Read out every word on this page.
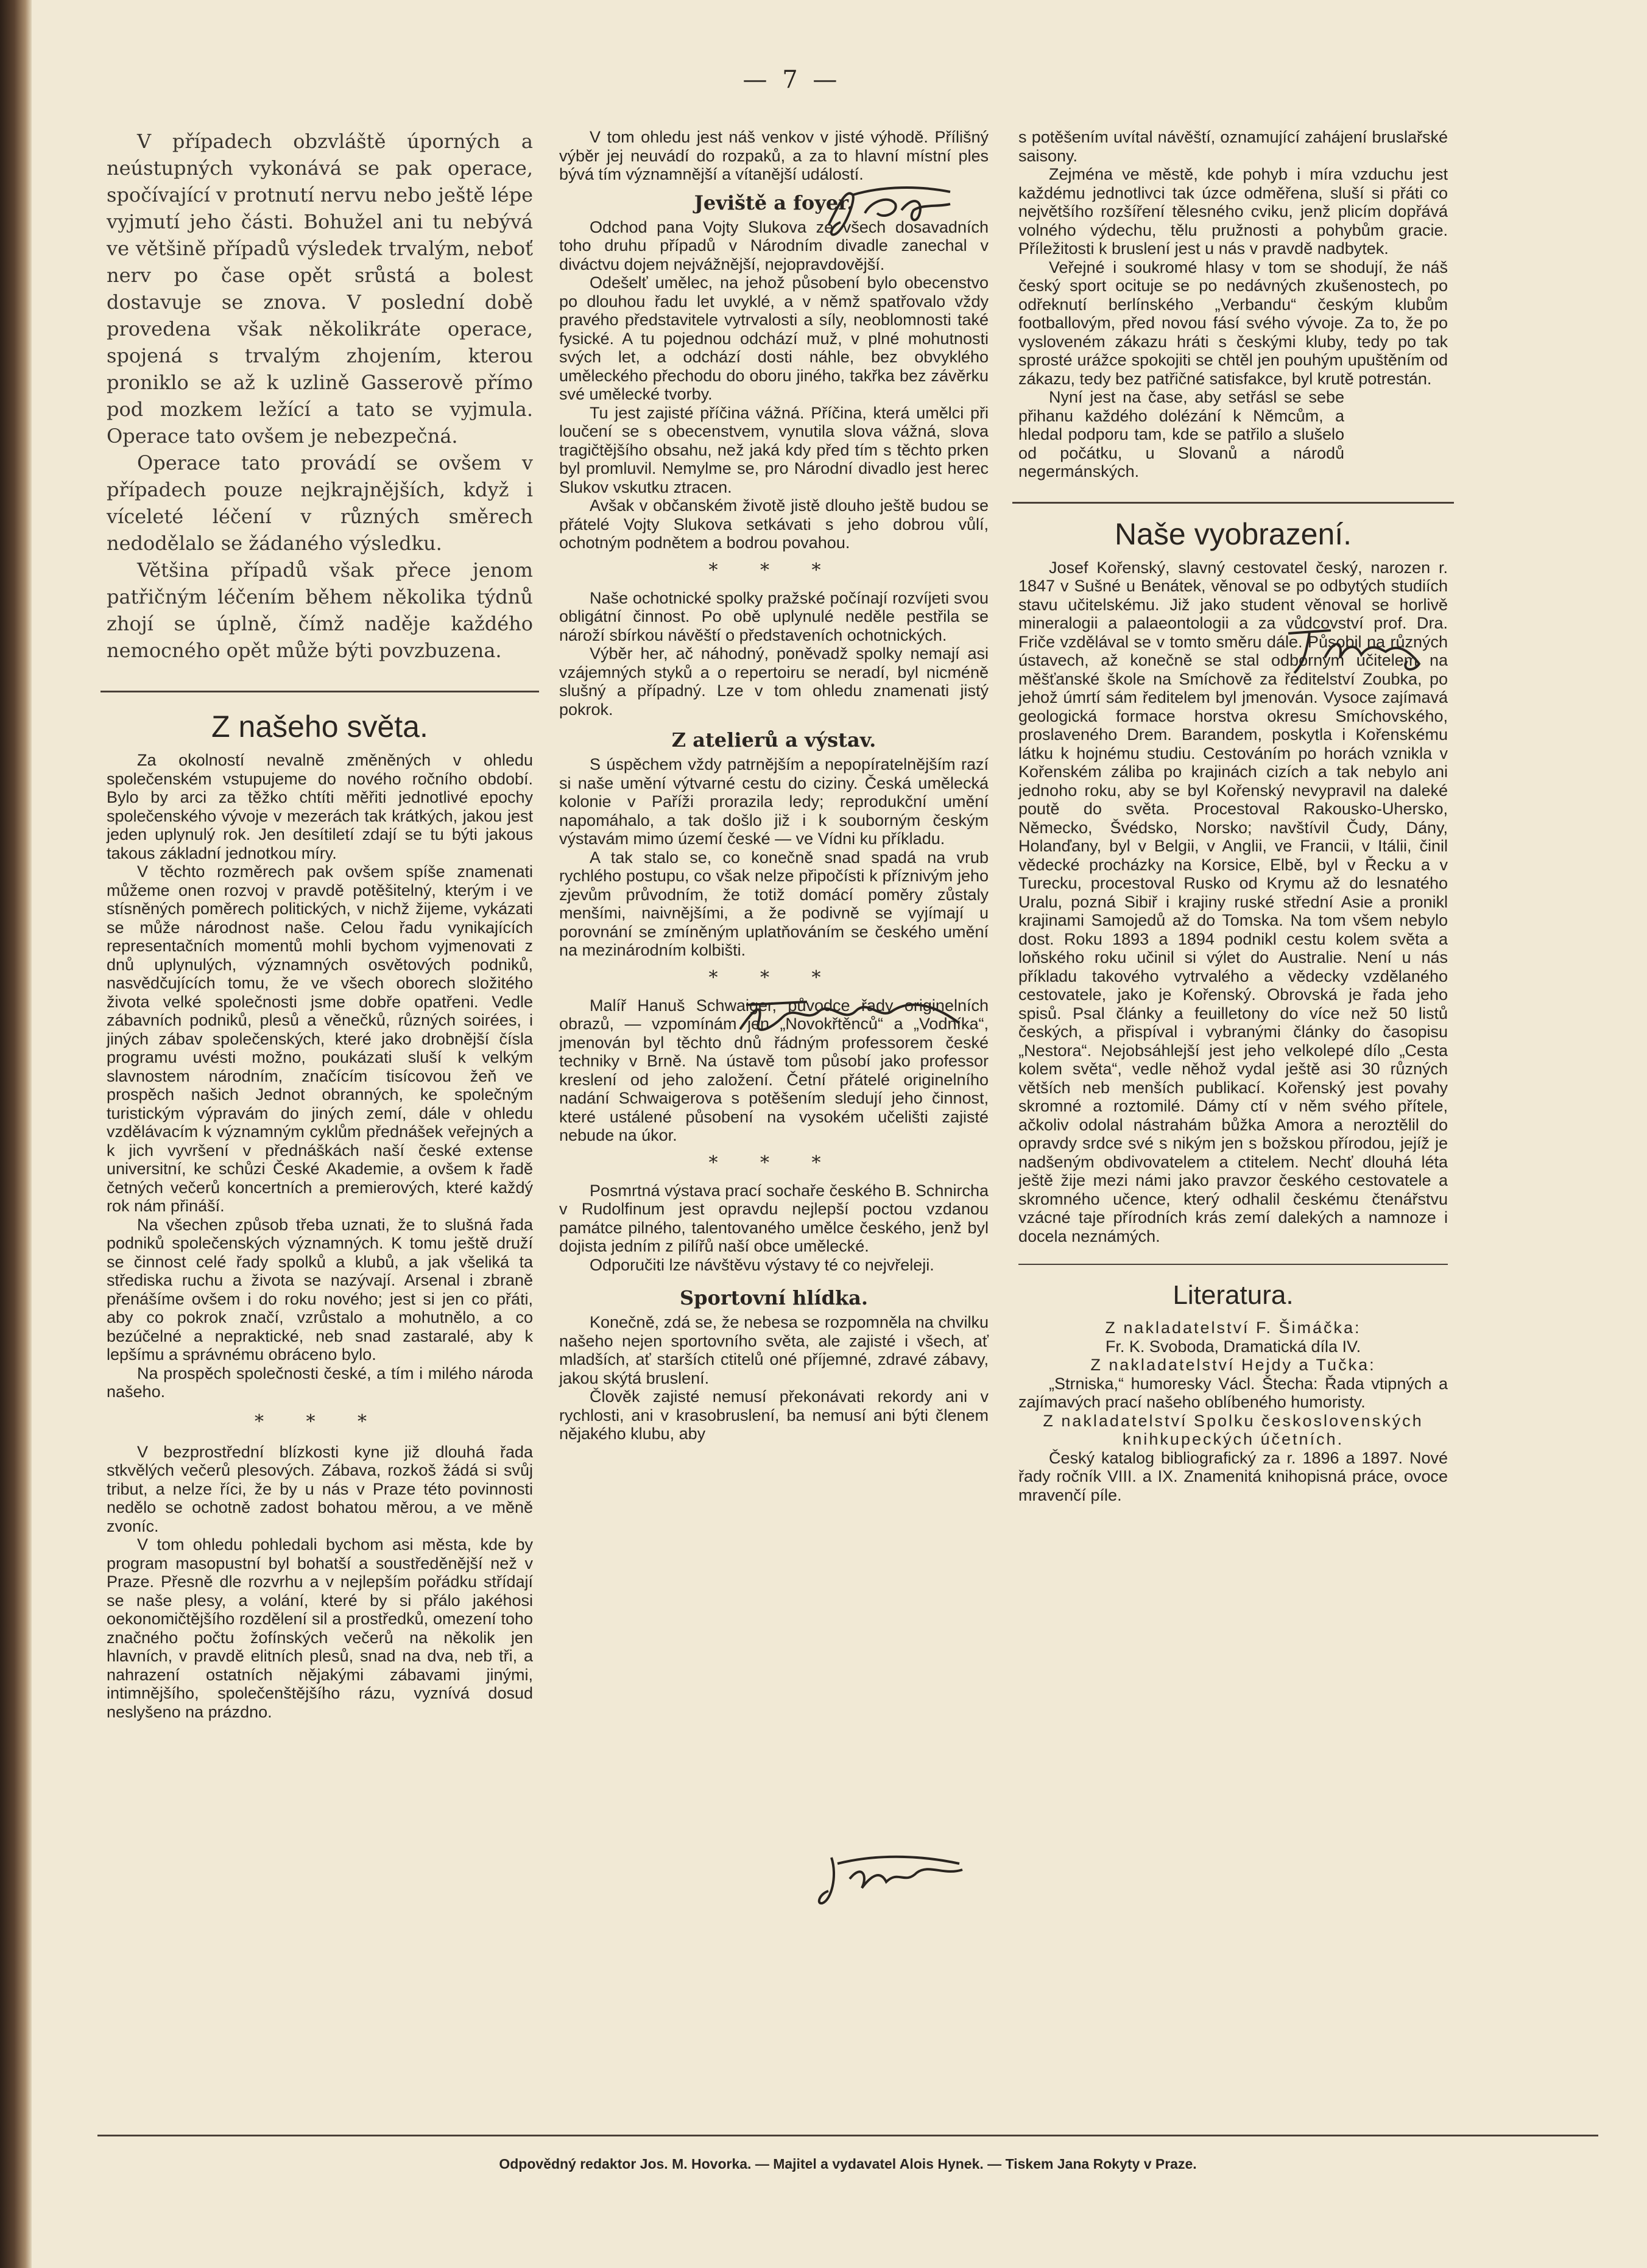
— 7 —

V případech obzvláště úporných a neústupných vykonává se pak operace, spočívající v protnutí nervu nebo ještě lépe vyjmutí jeho části. Bohužel ani tu nebývá ve většině případů výsledek trvalým, neboť nerv po čase opět srůstá a bolest dostavuje se znova. V poslední době provedena však několikráte operace, spojená s trvalým zhojením, kterou proniklo se až k uzlině Gasserově přímo pod mozkem ležící a tato se vyjmula. Operace tato ovšem je nebezpečná.

Operace tato provádí se ovšem v případech pouze nejkrajnějších, když i víceleté léčení v různých směrech nedodělalo se žádaného výsledku.

Většina případů však přece jenom patřičným léčením během několika týdnů zhojí se úplně, čímž naděje každého nemocného opět může býti povzbuzena.

Z našeho světa.

Za okolností nevalně změněných v ohledu společenském vstupujeme do nového ročního období. Bylo by arci za těžko chtíti měřiti jednotlivé epochy společenského vývoje v mezerách tak krátkých, jakou jest jeden uplynulý rok. Jen desítiletí zdají se tu býti jakous takous základní jednotkou míry.

V těchto rozměrech pak ovšem spíše znamenati můžeme onen rozvoj v pravdě potěšitelný, kterým i ve stísněných poměrech politických, v nichž žijeme, vykázati se může národnost naše. Celou řadu vynikajících representačních momentů mohli bychom vyjmenovati z dnů uplynulých, významných osvětových podniků, nasvědčujících tomu, že ve všech oborech složitého života velké společnosti jsme dobře opatřeni. Vedle zábavních podniků, plesů a věnečků, různých soirées, i jiných zábav společenských, které jako drobnější čísla programu uvésti možno, poukázati sluší k velkým slavnostem národním, značícím tisícovou žeň ve prospěch našich Jednot obranných, ke společným turistickým výpravám do jiných zemí, dále v ohledu vzdělávacím k významným cyklům přednášek veřejných a k jich vyvršení v přednáškách naší české extense universitní, ke schůzi České Akademie, a ovšem k řadě četných večerů koncertních a premierových, které každý rok nám přináší.

Na všechen způsob třeba uznati, že to slušná řada podniků společenských významných. K tomu ještě druží se činnost celé řady spolků a klubů, a jak všeliká ta střediska ruchu a života se nazývají. Arsenal i zbraně přenášíme ovšem i do roku nového; jest si jen co přáti, aby co pokrok značí, vzrůstalo a mohutnělo, a co bezúčelné a nepraktické, neb snad zastaralé, aby k lepšímu a správnému obráceno bylo.

Na prospěch společnosti české, a tím i milého národa našeho.

* * *

V bezprostřední blízkosti kyne již dlouhá řada stkvělých večerů plesových. Zábava, rozkoš žádá si svůj tribut, a nelze říci, že by u nás v Praze této povinnosti nedělo se ochotně zadost bohatou měrou, a ve měně zvoníc.

V tom ohledu pohledali bychom asi města, kde by program masopustní byl bohatší a soustředěnější než v Praze. Přesně dle rozvrhu a v nejlepším pořádku střídají se naše plesy, a volání, které by si přálo jakéhosi oekonomičtějšího rozdělení sil a prostředků, omezení toho značného počtu žofínských večerů na několik jen hlavních, v pravdě elitních plesů, snad na dva, neb tři, a nahrazení ostatních nějakými zábavami jinými, intimnějšího, společenštějšího rázu, vyznívá dosud neslyšeno na prázdno.

V tom ohledu jest náš venkov v jisté výhodě. Přílišný výběr jej neuvádí do rozpaků, a za to hlavní místní ples bývá tím významnější a vítanější událostí.

Jeviště a foyer.

Odchod pana Vojty Slukova ze všech dosavadních toho druhu případů v Národním divadle zanechal v diváctvu dojem nejvážnější, nejopravdovější.

Odešelť umělec, na jehož působení bylo obecenstvo po dlouhou řadu let uvyklé, a v němž spatřovalo vždy pravého představitele vytrvalosti a síly, neoblomnosti také fysické. A tu pojednou odchází muž, v plné mohutnosti svých let, a odchází dosti náhle, bez obvyklého uměleckého přechodu do oboru jiného, takřka bez závěrku své umělecké tvorby.

Tu jest zajisté příčina vážná. Příčina, která umělci při loučení se s obecenstvem, vynutila slova vážná, slova tragičtějšího obsahu, než jaká kdy před tím s těchto prken byl promluvil. Nemylme se, pro Národní divadlo jest herec Slukov vskutku ztracen.

Avšak v občanském životě jistě dlouho ještě budou se přátelé Vojty Slukova setkávati s jeho dobrou vůlí, ochotným podnětem a bodrou povahou.

* * *

Naše ochotnické spolky pražské počínají rozvíjeti svou obligátní činnost. Po obě uplynulé neděle pestřila se nároží sbírkou návěští o představeních ochotnických.

Výběr her, ač náhodný, poněvadž spolky nemají asi vzájemných styků a o repertoiru se neradí, byl nicméně slušný a případný. Lze v tom ohledu znamenati jistý pokrok.

Z atelierů a výstav.

S úspěchem vždy patrnějším a nepopíratelnějším razí si naše umění výtvarné cestu do ciziny. Česká umělecká kolonie v Paříži prorazila ledy; reprodukční umění napomáhalo, a tak došlo již i k souborným českým výstavám mimo území české — ve Vídni ku příkladu.

A tak stalo se, co konečně snad spadá na vrub rychlého postupu, co však nelze připočísti k příznivým jeho zjevům průvodním, že totiž domácí poměry zůstaly menšími, naivnějšími, a že podivně se vyjímají u porovnání se zmíněným uplatňováním se českého umění na mezinárodním kolbišti.

* * *

Malíř Hanuš Schwaiger, původce řady originelních obrazů, — vzpomínám jen „Novokřtěnců“ a „Vodníka“, jmenován byl těchto dnů řádným professorem české techniky v Brně. Na ústavě tom působí jako professor kreslení od jeho založení. Četní přátelé originelního nadání Schwaigerova s potěšením sledují jeho činnost, které ustálené působení na vysokém učelišti zajisté nebude na úkor.

* * *

Posmrtná výstava prací sochaře českého B. Schnircha v Rudolfinum jest opravdu nejlepší poctou vzdanou památce pilného, talentovaného umělce českého, jenž byl dojista jedním z pilířů naší obce umělecké.

Odporučiti lze návštěvu výstavy té co nejvřeleji.

Sportovní hlídka.

Konečně, zdá se, že nebesa se rozpomněla na chvilku našeho nejen sportovního světa, ale zajisté i všech, ať mladších, ať starších ctitelů oné příjemné, zdravé zábavy, jakou skýtá bruslení.

Člověk zajisté nemusí překonávati rekordy ani v rychlosti, ani v krasobruslení, ba nemusí ani býti členem nějakého klubu, aby

s potěšením uvítal návěští, oznamující zahájení bruslařské saisony.

Zejména ve městě, kde pohyb i míra vzduchu jest každému jednotlivci tak úzce odměřena, sluší si přáti co největšího rozšíření tělesného cviku, jenž plicím dopřává volného výdechu, tělu pružnosti a pohybům gracie. Příležitosti k bruslení jest u nás v pravdě nadbytek.

Veřejné i soukromé hlasy v tom se shodují, že náš český sport ocituje se po nedávných zkušenostech, po odřeknutí berlínského „Verbandu“ českým klubům footballovým, před novou fásí svého vývoje. Za to, že po vysloveném zákazu hráti s českými kluby, tedy po tak sprosté urážce spokojiti se chtěl jen pouhým upuštěním od zákazu, tedy bez patřičné satisfakce, byl krutě potrestán.

Nyní jest na čase, aby setřásl se sebe přihanu každého dolézání k Němcům, a hledal podporu tam, kde se patřilo a slušelo od počátku, u Slovanů a národů negermánských.

Naše vyobrazení.

Josef Kořenský, slavný cestovatel český, narozen r. 1847 v Sušné u Benátek, věnoval se po odbytých studiích stavu učitelskému. Již jako student věnoval se horlivě mineralogii a palaeontologii a za vůdcovství prof. Dra. Friče vzdělával se v tomto směru dále. Působil na různých ústavech, až konečně se stal odborným učitelem na měšťanské škole na Smíchově za ředitelství Zoubka, po jehož úmrtí sám ředitelem byl jmenován. Vysoce zajímavá geologická formace horstva okresu Smíchovského, proslaveného Drem. Barandem, poskytla i Kořenskému látku k hojnému studiu. Cestováním po horách vznikla v Kořenském záliba po krajinách cizích a tak nebylo ani jednoho roku, aby se byl Kořenský nevypravil na daleké poutě do světa. Procestoval Rakousko-Uhersko, Německo, Švédsko, Norsko; navštívil Čudy, Dány, Holanďany, byl v Belgii, v Anglii, ve Francii, v Itálii, činil vědecké procházky na Korsice, Elbě, byl v Řecku a v Turecku, procestoval Rusko od Krymu až do lesnatého Uralu, pozná Sibiř i krajiny ruské střední Asie a pronikl krajinami Samojedů až do Tomska. Na tom všem nebylo dost. Roku 1893 a 1894 podnikl cestu kolem světa a loňského roku učinil si výlet do Australie. Není u nás příkladu takového vytrvalého a vědecky vzdělaného cestovatele, jako je Kořenský. Obrovská je řada jeho spisů. Psal články a feuilletony do více než 50 listů českých, a přispíval i vybranými články do časopisu „Nestora“. Nejobsáhlejší jest jeho velkolepé dílo „Cesta kolem světa“, vedle něhož vydal ještě asi 30 různých větších neb menších publikací. Kořenský jest povahy skromné a roztomilé. Dámy ctí v něm svého přítele, ačkoliv odolal nástrahám bůžka Amora a neroztělil do opravdy srdce své s nikým jen s božskou přírodou, jejíž je nadšeným obdivovatelem a ctitelem. Nechť dlouhá léta ještě žije mezi námi jako pravzor českého cestovatele a skromného učence, který odhalil českému čtenářstvu vzácné taje přírodních krás zemí dalekých a namnoze i docela neznámých.

Literatura.

Z nakladatelství F. Šimáčka:

Fr. K. Svoboda, Dramatická díla IV.

Z nakladatelství Hejdy a Tučka:

„Strniska,“ humoresky Václ. Štecha: Řada vtipných a zajímavých prací našeho oblíbeného humoristy.

Z nakladatelství Spolku československých knihkupeckých účetních.

Český katalog bibliografický za r. 1896 a 1897. Nové řady ročník VIII. a IX. Znamenitá knihopisná práce, ovoce mravenčí píle.

Odpovědný redaktor Jos. M. Hovorka. — Majitel a vydavatel Alois Hynek. — Tiskem Jana Rokyty v Praze.
